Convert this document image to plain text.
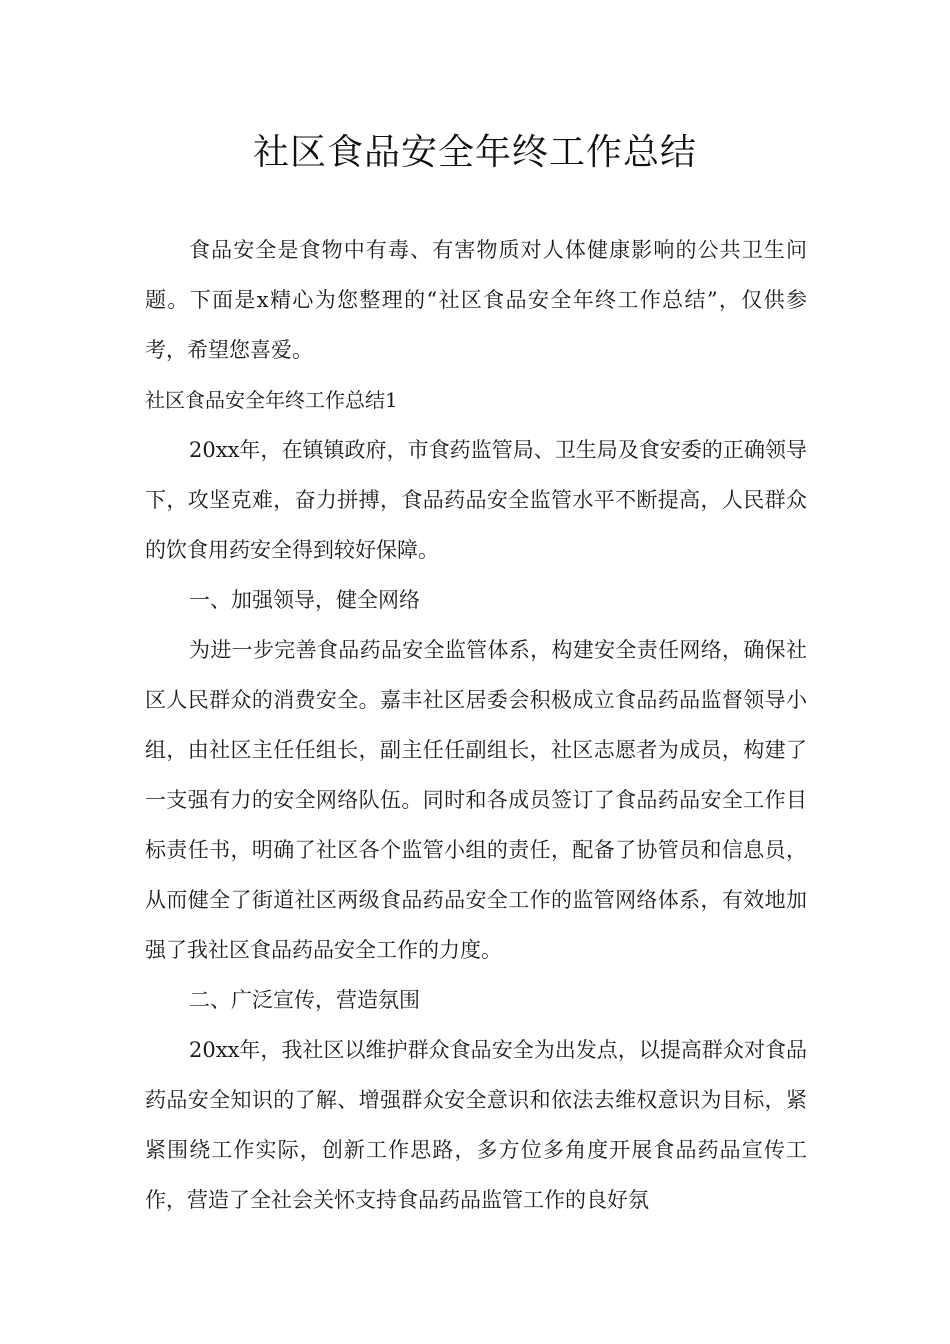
社区食品安全年终工作总结

食品安全是食物中有毒、有害物质对人体健康影响的公共卫生问题。下面是x精心为您整理的“社区食品安全年终工作总结”，仅供参考，希望您喜爱。

社区食品安全年终工作总结1

20xx年，在镇镇政府，市食药监管局、卫生局及食安委的正确领导下，攻坚克难，奋力拼搏，食品药品安全监管水平不断提高，人民群众的饮食用药安全得到较好保障。

一、加强领导，健全网络

为进一步完善食品药品安全监管体系，构建安全责任网络，确保社区人民群众的消费安全。嘉丰社区居委会积极成立食品药品监督领导小组，由社区主任任组长，副主任任副组长，社区志愿者为成员，构建了一支强有力的安全网络队伍。同时和各成员签订了食品药品安全工作目标责任书，明确了社区各个监管小组的责任，配备了协管员和信息员，从而健全了街道社区两级食品药品安全工作的监管网络体系，有效地加强了我社区食品药品安全工作的力度。

二、广泛宣传，营造氛围

20xx年，我社区以维护群众食品安全为出发点，以提高群众对食品药品安全知识的了解、增强群众安全意识和依法去维权意识为目标，紧紧围绕工作实际，创新工作思路，多方位多角度开展食品药品宣传工作，营造了全社会关怀支持食品药品监管工作的良好氛
